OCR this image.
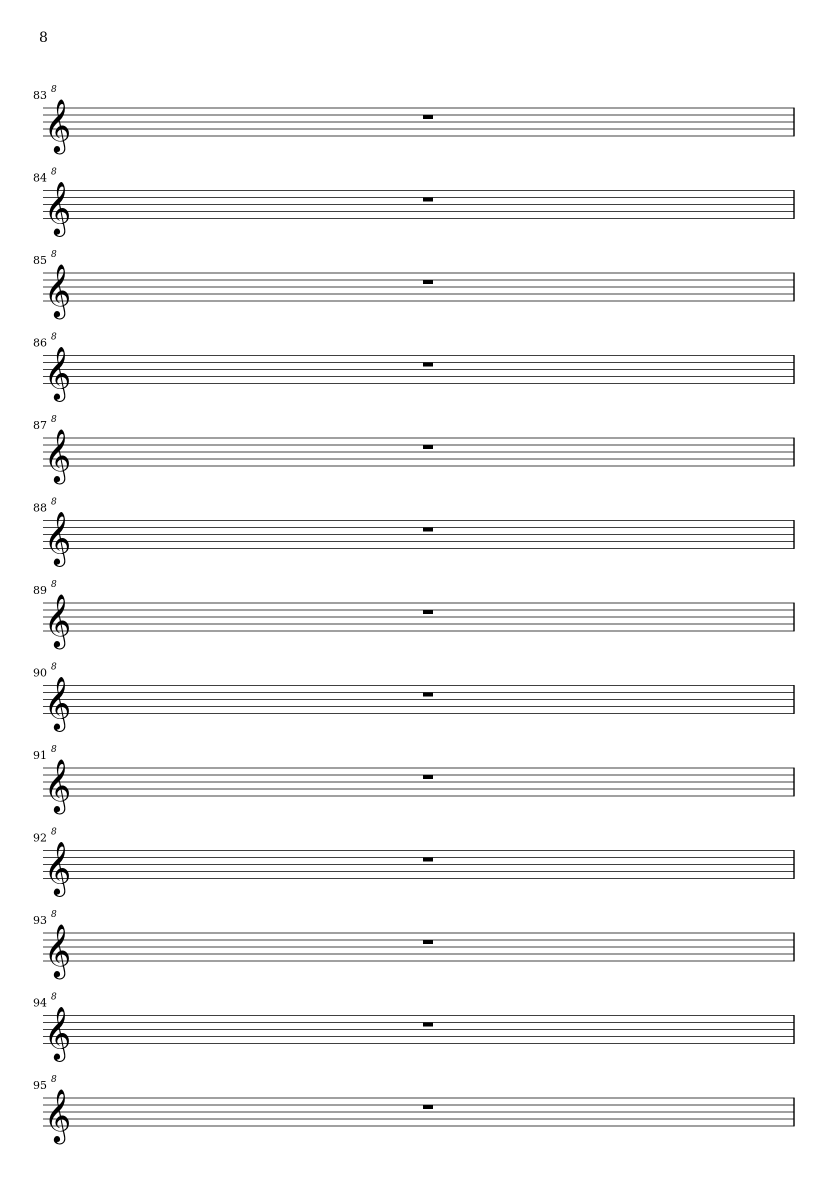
8
83 8
𝄞
84 8
𝄞
85 8
𝄞
86 8
𝄞
87 8
𝄞
88 8
𝄞
89 8
𝄞
90 8
𝄞
91 8
𝄞
92 8
𝄞
93 8
𝄞
94 8
𝄞
95 8
𝄞
